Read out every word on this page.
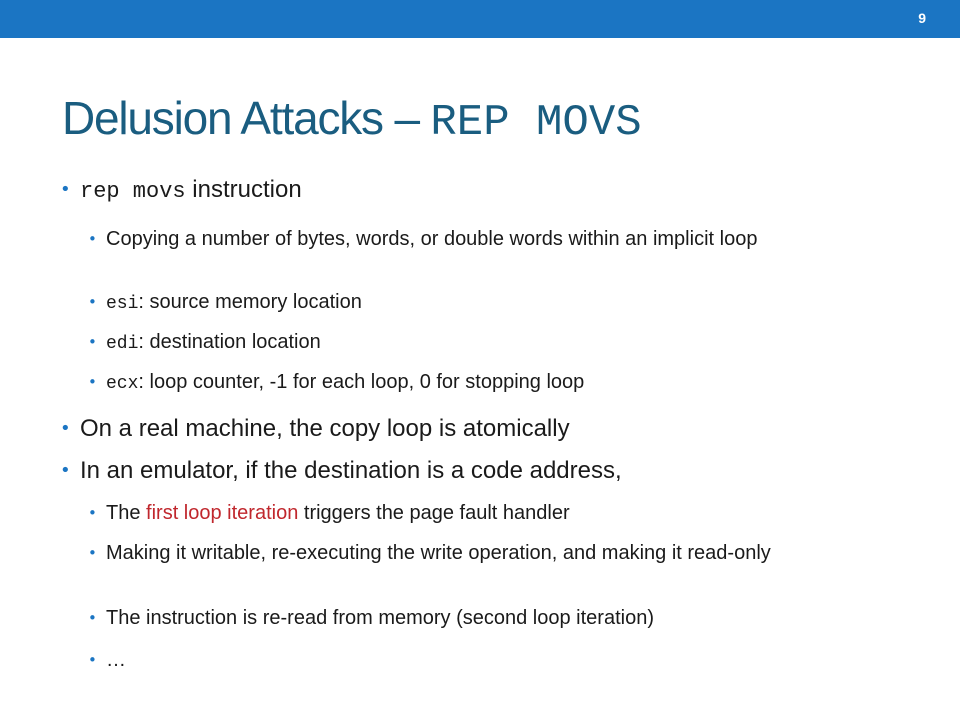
9
Delusion Attacks – REP MOVS
• rep movs instruction
• Copying a number of bytes, words, or double words within an implicit loop
• esi: source memory location
• edi: destination location
• ecx: loop counter, -1 for each loop, 0 for stopping loop
• On a real machine, the copy loop is atomically
• In an emulator, if the destination is a code address,
• The first loop iteration triggers the page fault handler
• Making it writable, re-executing the write operation, and making it read-only
• The instruction is re-read from memory (second loop iteration)
• …
